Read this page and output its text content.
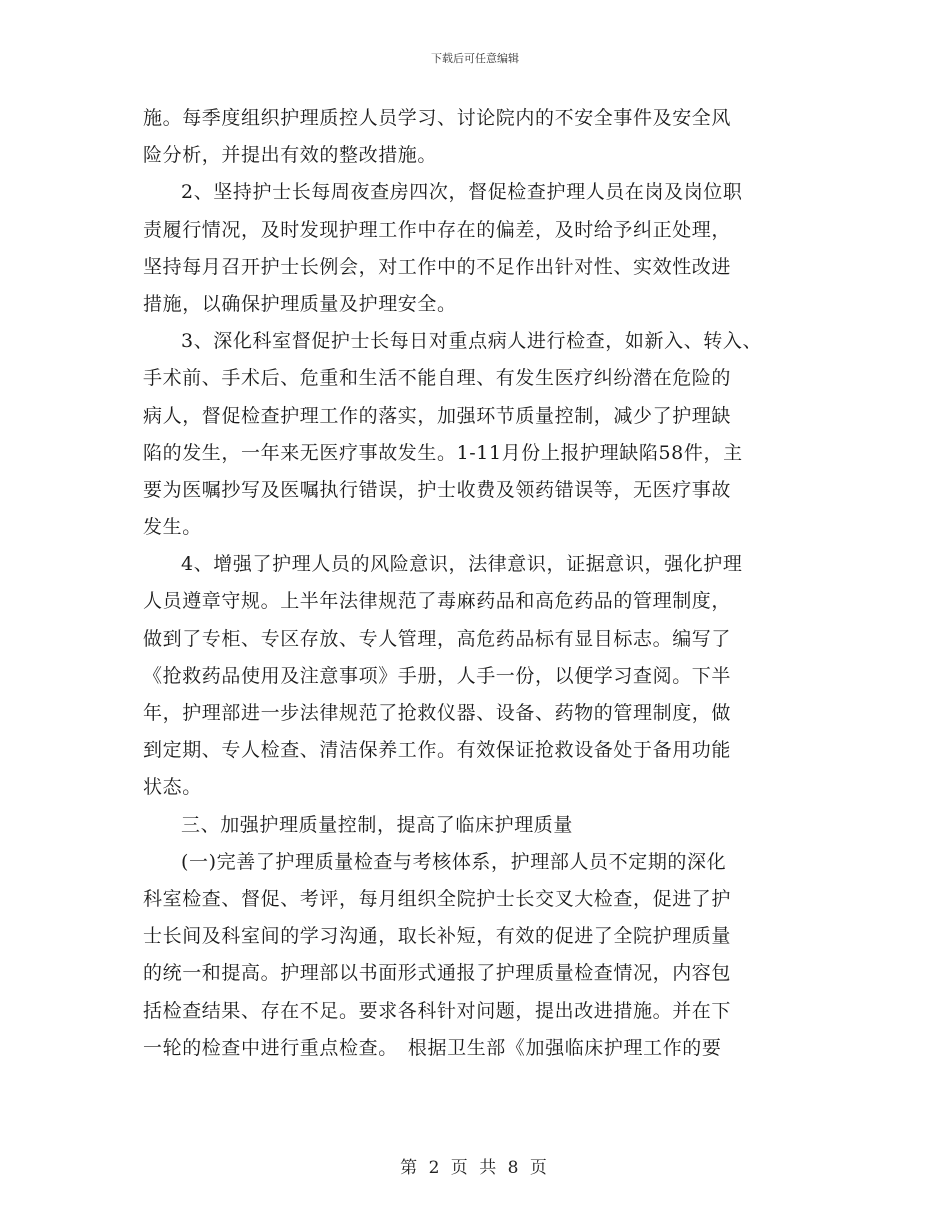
下载后可任意编辑
施。每季度组织护理质控人员学习、讨论院内的不安全事件及安全风
险分析，并提出有效的整改措施。
2、坚持护士长每周夜查房四次，督促检查护理人员在岗及岗位职
责履行情况，及时发现护理工作中存在的偏差，及时给予纠正处理，
坚持每月召开护士长例会，对工作中的不足作出针对性、实效性改进
措施，以确保护理质量及护理安全。
3、深化科室督促护士长每日对重点病人进行检查，如新入、转入、
手术前、手术后、危重和生活不能自理、有发生医疗纠纷潜在危险的
病人，督促检查护理工作的落实，加强环节质量控制，减少了护理缺
陷的发生，一年来无医疗事故发生。1-11月份上报护理缺陷58件，主
要为医嘱抄写及医嘱执行错误，护士收费及领药错误等，无医疗事故
发生。
4、增强了护理人员的风险意识，法律意识，证据意识，强化护理
人员遵章守规。上半年法律规范了毒麻药品和高危药品的管理制度，
做到了专柜、专区存放、专人管理，高危药品标有显目标志。编写了
《抢救药品使用及注意事项》手册，人手一份，以便学习查阅。下半
年，护理部进一步法律规范了抢救仪器、设备、药物的管理制度，做
到定期、专人检查、清洁保养工作。有效保证抢救设备处于备用功能
状态。
三、加强护理质量控制，提高了临床护理质量
(一)完善了护理质量检查与考核体系，护理部人员不定期的深化
科室检查、督促、考评，每月组织全院护士长交叉大检查，促进了护
士长间及科室间的学习沟通，取长补短，有效的促进了全院护理质量
的统一和提高。护理部以书面形式通报了护理质量检查情况，内容包
括检查结果、存在不足。要求各科针对问题，提出改进措施。并在下
一轮的检查中进行重点检查。　根据卫生部《加强临床护理工作的要
第 2 页 共 8 页
